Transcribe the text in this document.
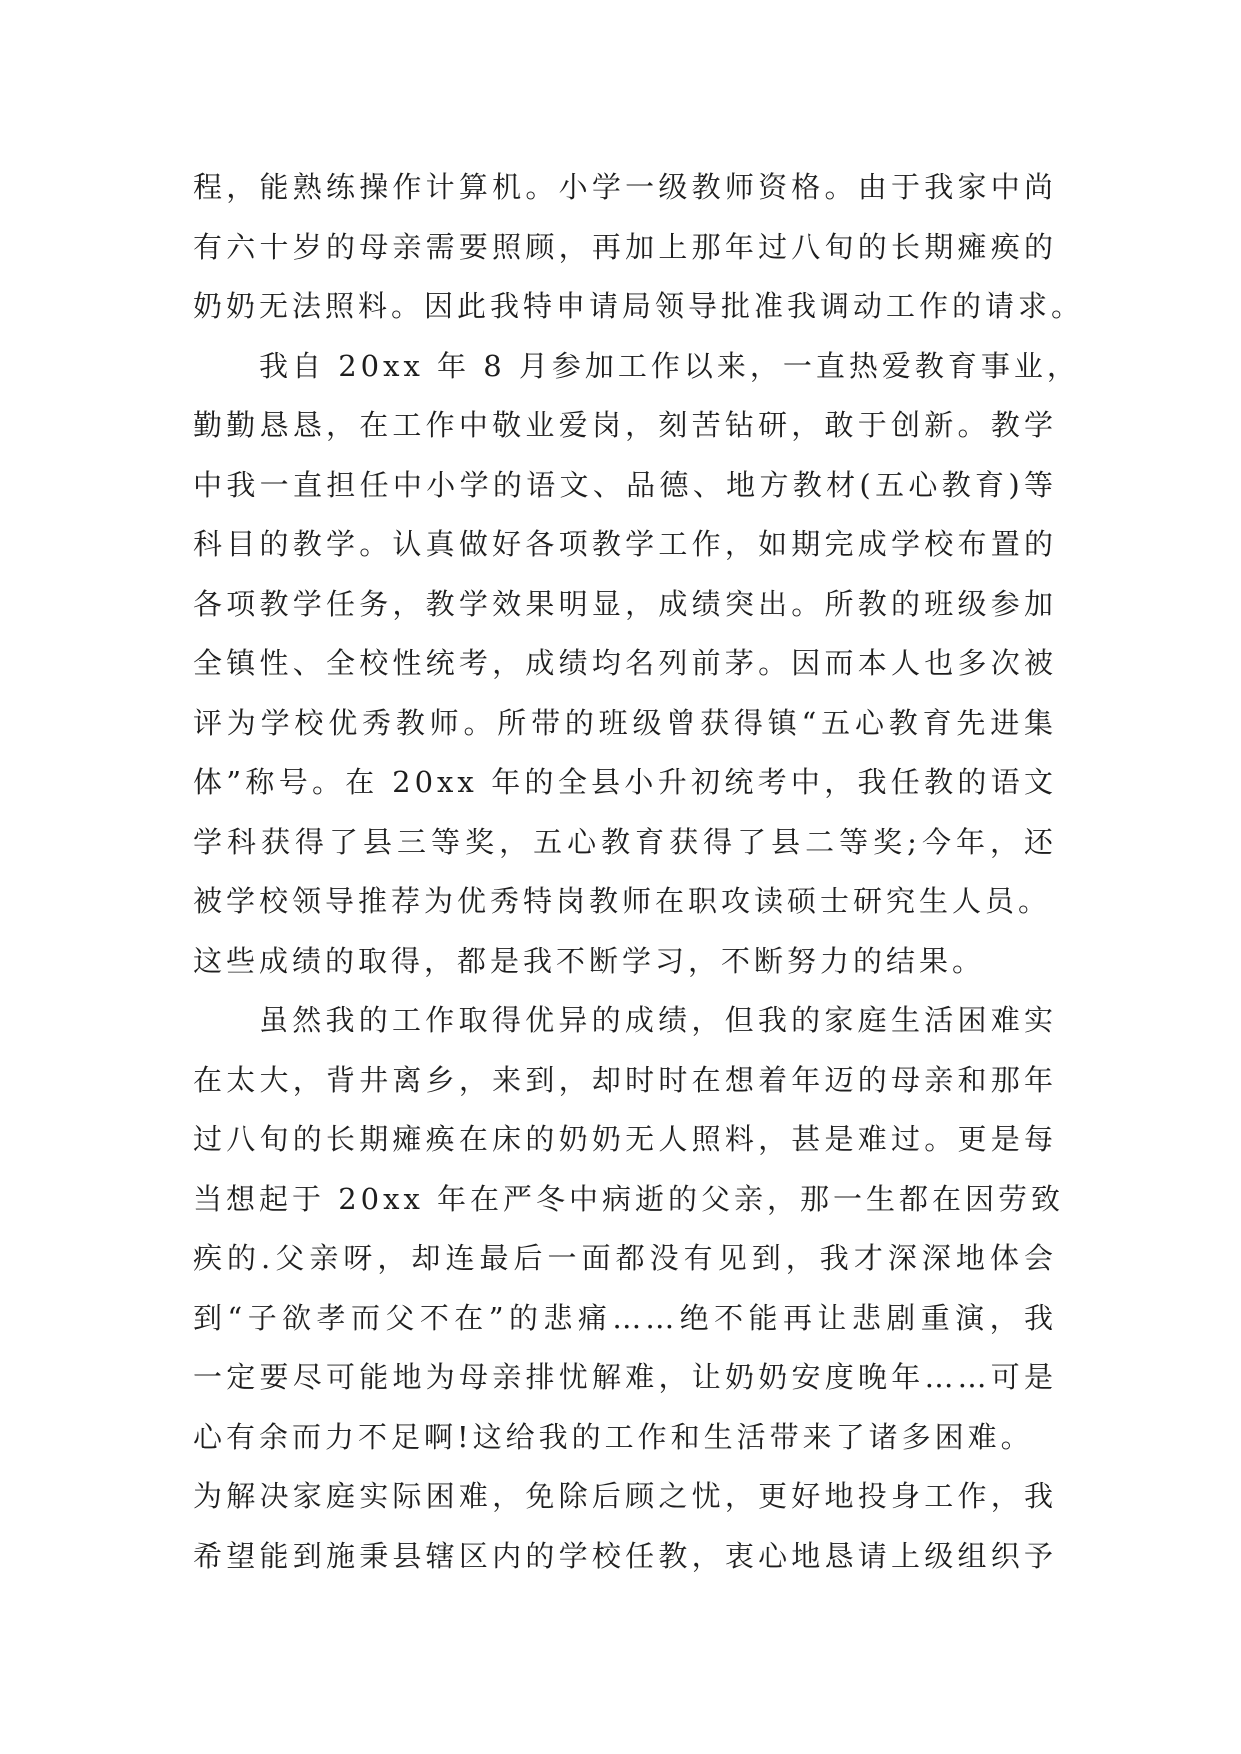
程，能熟练操作计算机。小学一级教师资格。由于我家中尚
有六十岁的母亲需要照顾，再加上那年过八旬的长期瘫痪的
奶奶无法照料。因此我特申请局领导批准我调动工作的请求。
我自 20xx 年 8 月参加工作以来，一直热爱教育事业，
勤勤恳恳，在工作中敬业爱岗，刻苦钻研，敢于创新。教学
中我一直担任中小学的语文、品德、地方教材(五心教育)等
科目的教学。认真做好各项教学工作，如期完成学校布置的
各项教学任务，教学效果明显，成绩突出。所教的班级参加
全镇性、全校性统考，成绩均名列前茅。因而本人也多次被
评为学校优秀教师。所带的班级曾获得镇“五心教育先进集
体”称号。在 20xx 年的全县小升初统考中，我任教的语文
学科获得了县三等奖，五心教育获得了县二等奖;今年，还
被学校领导推荐为优秀特岗教师在职攻读硕士研究生人员。
这些成绩的取得，都是我不断学习，不断努力的结果。
虽然我的工作取得优异的成绩，但我的家庭生活困难实
在太大，背井离乡，来到，却时时在想着年迈的母亲和那年
过八旬的长期瘫痪在床的奶奶无人照料，甚是难过。更是每
当想起于 20xx 年在严冬中病逝的父亲，那一生都在因劳致
疾的.父亲呀，却连最后一面都没有见到，我才深深地体会
到“子欲孝而父不在”的悲痛……绝不能再让悲剧重演，我
一定要尽可能地为母亲排忧解难，让奶奶安度晚年……可是
心有余而力不足啊!这给我的工作和生活带来了诸多困难。
为解决家庭实际困难，免除后顾之忧，更好地投身工作，我
希望能到施秉县辖区内的学校任教，衷心地恳请上级组织予
